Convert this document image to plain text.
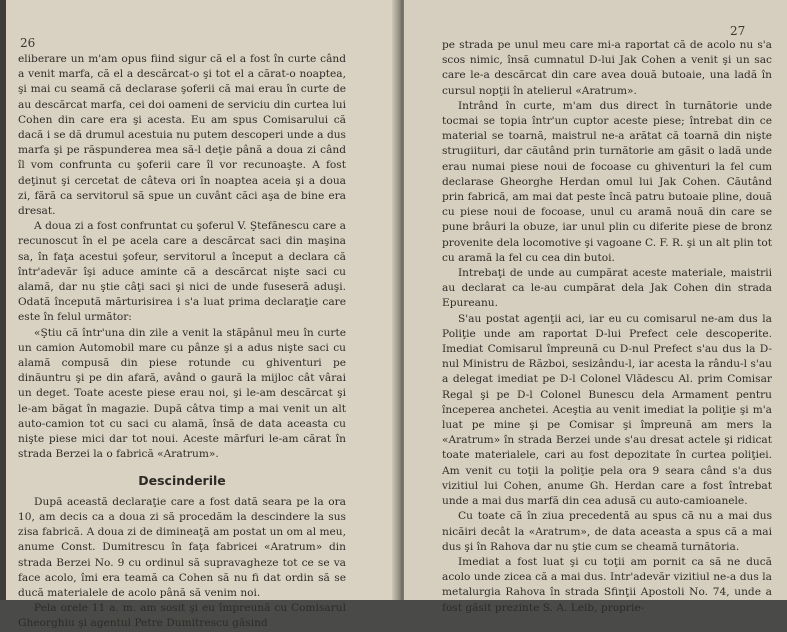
26

eliberare un m'am opus fiind sigur că el a fost în curte când a venit marfa, că el a descărcat-o şi tot el a cărat-o noaptea, şi mai cu seamă că declarase şoferii că mai erau în curte de au descărcat marfa, cei doi oameni de serviciu din curtea lui Cohen din care era şi acesta. Eu am spus Comisarului că dacă i se dă drumul acestuia nu putem descoperi unde a dus marfa şi pe răspunderea mea să-l deţie până a doua zi când îl vom confrunta cu şoferii care îl vor recunoaşte. A fost deţinut şi cercetat de câteva ori în noaptea aceia şi a doua zi, fără ca servitorul să spue un cuvânt căci aşa de bine era dresat.

A doua zi a fost confruntat cu şoferul V. Ştefănescu care a recunoscut în el pe acela care a descărcat saci din maşina sa, în faţa acestui şofeur, servitorul a început a declara că într'adevăr îşi aduce aminte că a descărcat nişte saci cu alamă, dar nu ştie câţi saci şi nici de unde fuseseră aduşi. Odată începută mărturisirea i s'a luat prima declaraţie care este în felul următor:

«Ştiu că într'una din zile a venit la stăpânul meu în curte un camion Automobil mare cu pânze şi a adus nişte saci cu alamă compusă din piese rotunde cu ghiventuri pe dinăuntru şi pe din afară, având o gaură la mijloc cât vârai un deget. Toate aceste piese erau noi, şi le-am descărcat şi le-am băgat în magazie. După câtva timp a mai venit un alt auto-camion tot cu saci cu alamă, însă de data aceasta cu nişte piese mici dar tot noui. Aceste mărfuri le-am cărat în strada Berzei la o fabrică «Aratrum».

Descinderile

După această declaraţie care a fost dată seara pe la ora 10, am decis ca a doua zi să procedăm la descindere la sus zisa fabrică. A doua zi de dimineaţă am postat un om al meu, anume Const. Dumitrescu în faţa fabricei «Aratrum» din strada Berzei No. 9 cu ordinul să supravagheze tot ce se va face acolo, îmi era teamă ca Cohen să nu fi dat ordin să se ducă materialele de acolo până să venim noi.

Pela orele 11 a. m. am sosit şi eu împreună cu Comisarul Gheorghiu şi agentul Petre Dumitrescu găsind

27

pe strada pe unul meu care mi-a raportat că de acolo nu s'a scos nimic, însă cumnatul D-lui Jak Cohen a venit şi un sac care le-a descărcat din care avea două butoaie, una ladă în cursul nopţii în atelierul «Aratrum».

Intrând în curte, m'am dus direct în turnătorie unde tocmai se topia într'un cuptor aceste piese; întrebat din ce material se toarnă, maistrul ne-a arătat că toarnă din nişte strugiituri, dar căutând prin turnătorie am găsit o ladă unde erau numai piese noui de focoase cu ghiventuri la fel cum declarase Gheorghe Herdan omul lui Jak Cohen. Căutând prin fabrică, am mai dat peste încă patru butoaie pline, două cu piese noui de focoase, unul cu aramă nouă din care se pune brâuri la obuze, iar unul plin cu diferite piese de bronz provenite dela locomotive şi vagoane C. F. R. şi un alt plin tot cu aramă la fel cu cea din butoi.

Intrebaţi de unde au cumpărat aceste materiale, maistrii au declarat ca le-au cumpărat dela Jak Cohen din strada Epureanu.

S'au postat agenţii aci, iar eu cu comisarul ne-am dus la Poliţie unde am raportat D-lui Prefect cele descoperite. Imediat Comisarul împreună cu D-nul Prefect s'au dus la D-nul Ministru de Război, sesizându-l, iar acesta la rându-l s'au a delegat imediat pe D-l Colonel Vlădescu Al. prim Comisar Regal şi pe D-l Colonel Bunescu dela Armament pentru începerea anchetei. Aceştia au venit imediat la poliţie şi m'a luat pe mine şi pe Comisar şi împreună am mers la «Aratrum» în strada Berzei unde s'au dresat actele şi ridicat toate materialele, cari au fost depozitate în curtea poliţiei. Am venit cu toţii la poliţie pela ora 9 seara când s'a dus vizitiul lui Cohen, anume Gh. Herdan care a fost întrebat unde a mai dus marfă din cea adusă cu auto-camioanele.

Cu toate că în ziua precedentă au spus că nu a mai dus nicăiri decât la «Aratrum», de data aceasta a spus că a mai dus şi în Rahova dar nu ştie cum se cheamă turnătoria.

Imediat a fost luat şi cu toţii am pornit ca să ne ducă acolo unde zicea că a mai dus. Intr'adevăr vizitiul ne-a dus la metalurgia Rahova în strada Sfinţii Apostoli No. 74, unde a fost găsit prezinte S. A. Leib, proprie-
